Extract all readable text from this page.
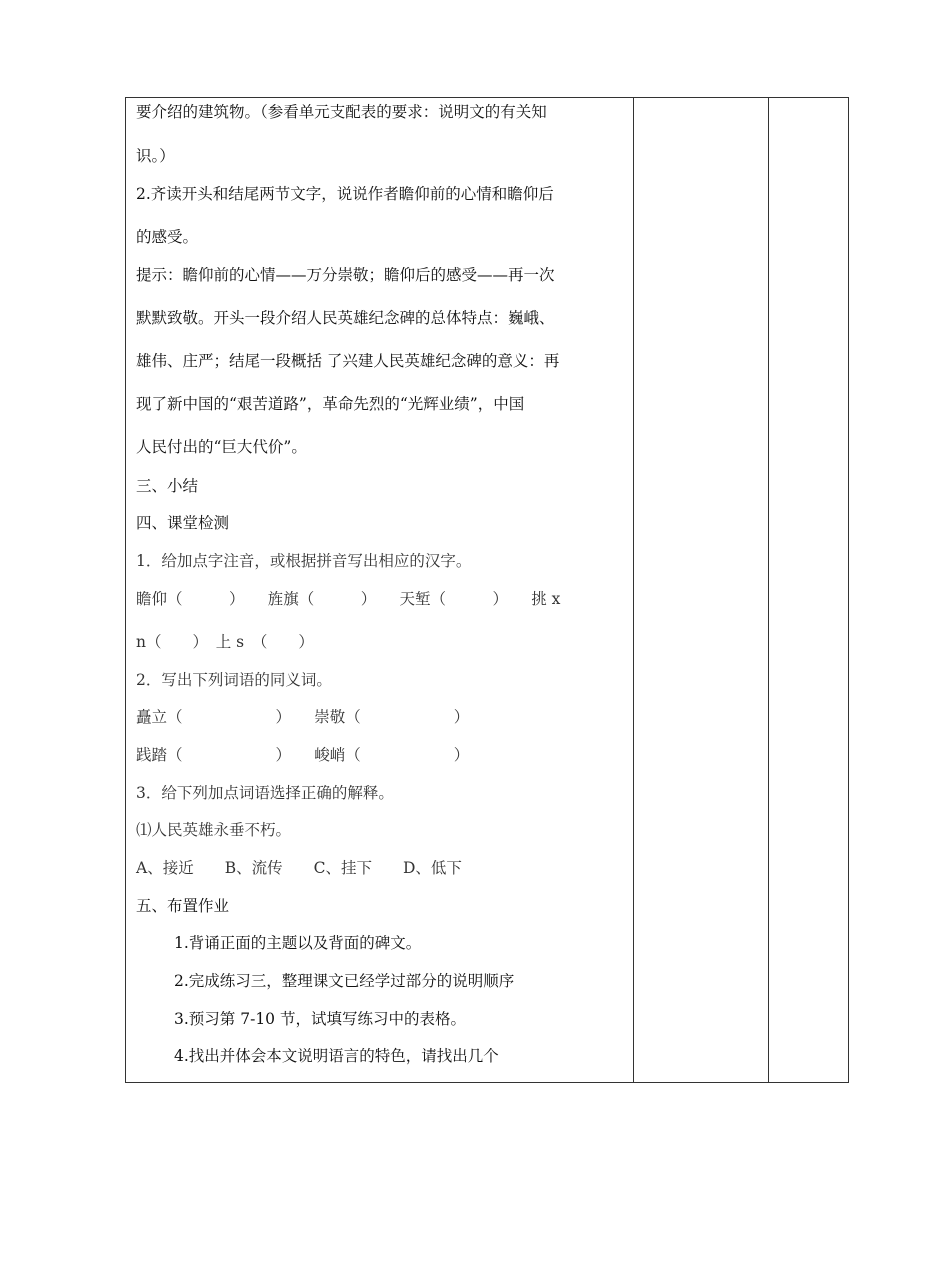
要介绍的建筑物。（参看单元支配表的要求：说明文的有关知
识。）
2.齐读开头和结尾两节文字，说说作者瞻仰前的心情和瞻仰后
的感受。
提示：瞻仰前的心情——万分崇敬；瞻仰后的感受——再一次
默默致敬。开头一段介绍人民英雄纪念碑的总体特点：巍峨、
雄伟、庄严；结尾一段概括 了兴建人民英雄纪念碑的意义：再
现了新中国的“艰苦道路”，革命先烈的“光辉业绩”，中国
人民付出的“巨大代价”。
三、小结
四、课堂检测
1．给加点字注音，或根据拼音写出相应的汉字。
瞻仰（　　　）　　旌旗（　　　）　　天堑（　　　）　　挑 x
n（　　）　上 s　（　　）
2．写出下列词语的同义词。
矗立（　　　　　　）　　崇敬（　　　　　　）
践踏（　　　　　　）　　峻峭（　　　　　　）
3．给下列加点词语选择正确的解释。
⑴人民英雄永垂不朽。
A、接近　　B、流传　　C、挂下　　D、低下
五、布置作业
1.背诵正面的主题以及背面的碑文。
2.完成练习三，整理课文已经学过部分的说明顺序
3.预习第 7-10 节，试填写练习中的表格。
4.找出并体会本文说明语言的特色，请找出几个
